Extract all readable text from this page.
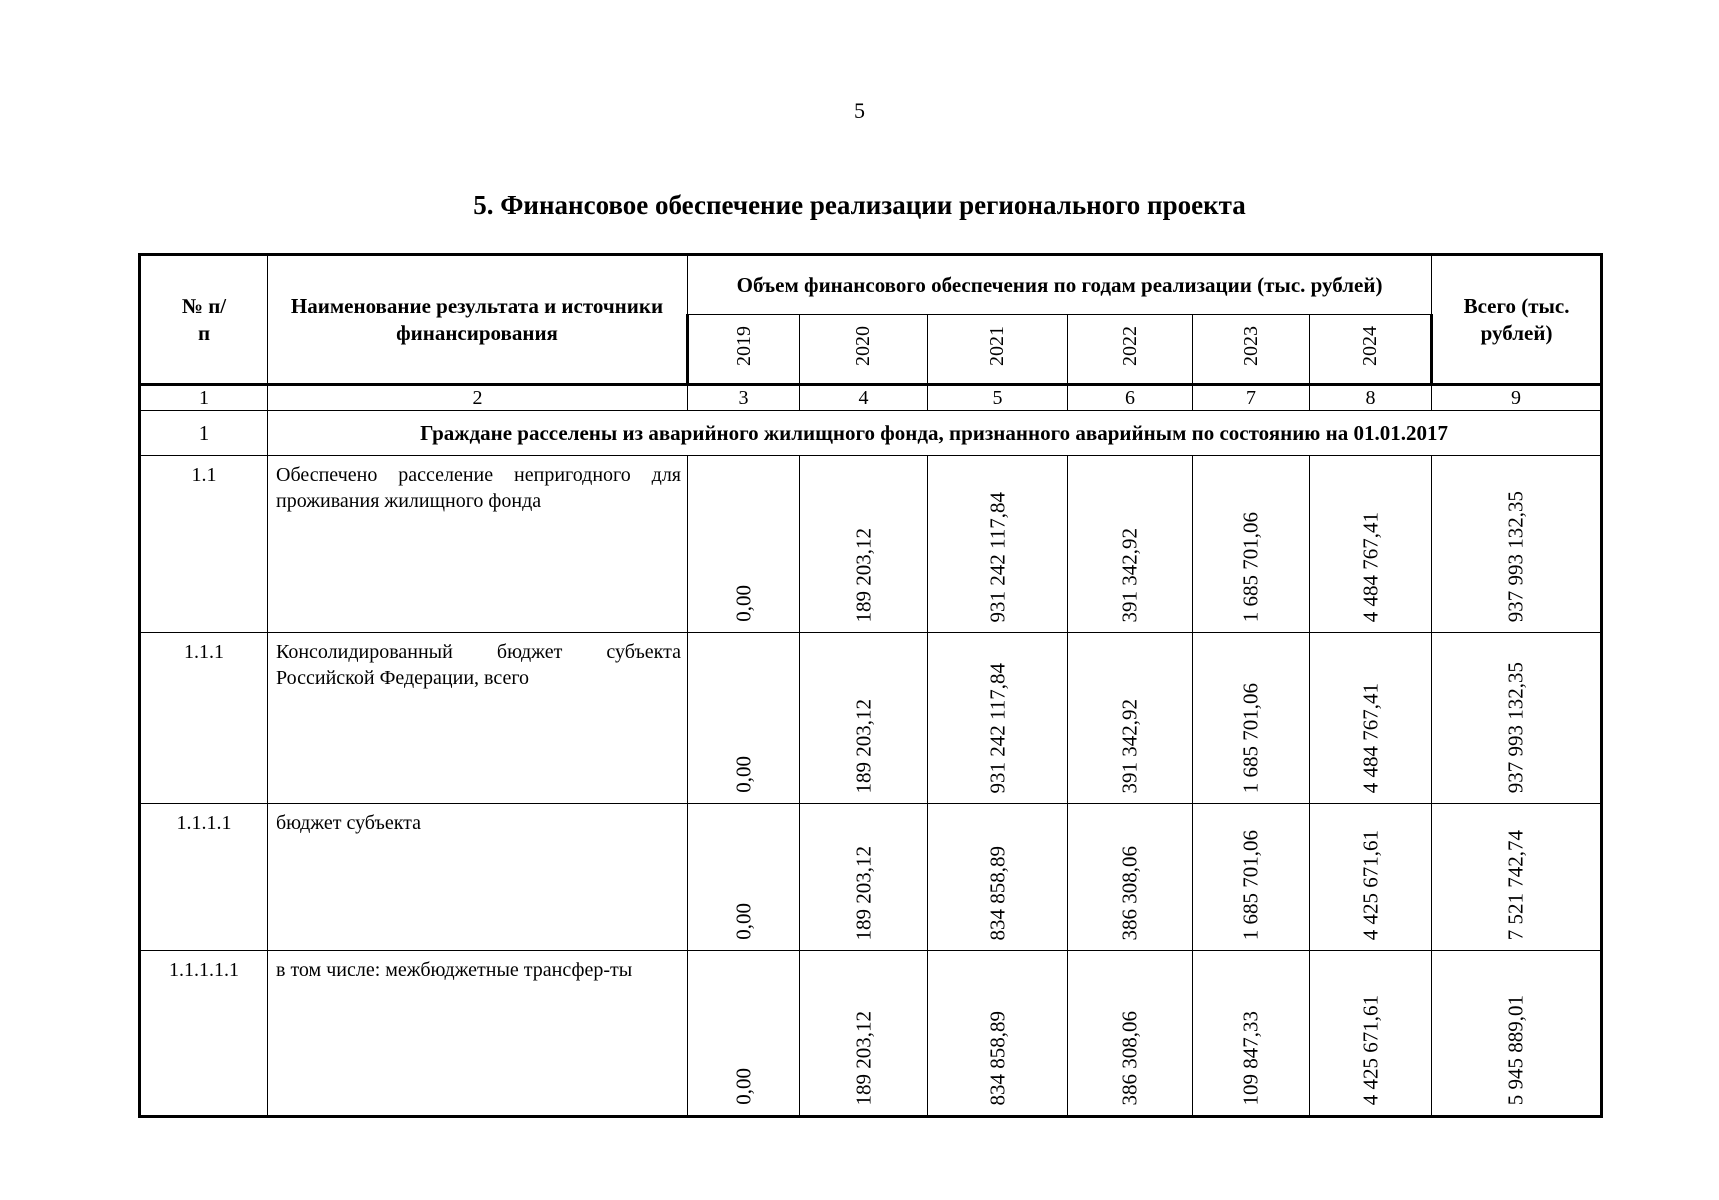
5
5. Финансовое обеспечение реализации регионального проекта
№ п/п	Наименование результата и источники финансирования	Объем финансового обеспечения по годам реализации (тыс. рублей)						Всего (тыс. рублей)
		2019	2020	2021	2022	2023	2024	
1	2	3	4	5	6	7	8	9
1	Граждане расселены из аварийного жилищного фонда, признанного аварийным по состоянию на 01.01.2017							
1.1	Обеспечено расселение непригодного для проживания жилищного фонда	0,00	189 203,12	931 242 117,84	391 342,92	1 685 701,06	4 484 767,41	937 993 132,35

1.1.1	Консолидированный бюджет субъекта Российской Федерации, всего	0,00	189 203,12	931 242 117,84	391 342,92	1 685 701,06	4 484 767,41	937 993 132,35

1.1.1.1	бюджет субъекта	0,00	189 203,12	834 858,89	386 308,06	1 685 701,06	4 425 671,61	7 521 742,74

1.1.1.1.1	в том числе: межбюджетные трансфер-ты	0,00	189 203,12	834 858,89	386 308,06	109 847,33	4 425 671,61	5 945 889,01
